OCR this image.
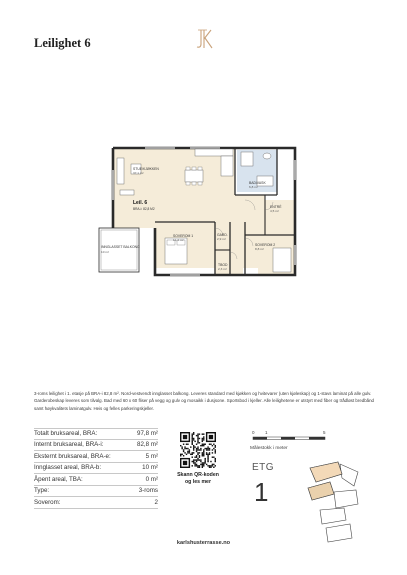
Leilighet 6
STUE/KJØKKEN
37,1 m²
BAD/VASK
6,8 m²
ENTRÉ
4,5 m²
Leil. 6
BRA-i: 82,8 M2
SOVEROM 1
14,4 m²
GARD.
2,9 m²
SOVEROM 2
8,8 m²
TBOD
2,3 m²
INNGLASSET BALKONG
10 m²
3-roms leilighet i 1. etasje på BRA-i 82,8 m². Nord-vestvendt innglasset balkong. Leveres standard med kjøkken og hvitevarer (uten kjøleskap) og 1-stavs laminat på alle gulv. Garderobeskap leveres som tilvalg. Bad med 60 x 60 fliser på vegg og gulv og mosaikk i dusjsone. Sportsbod i kjeller. Alle leilighetene er utstyrt med fiber og trådløst bredbånd samt høykvalitets laminatgulv. Heis og felles parkeringskjeller.
Totalt bruksareal, BRA:	97,8 m²
Internt bruksareal, BRA-i:	82,8 m²
Eksternt bruksareal, BRA-e:	5 m²
Innglasset areal, BRA-b:	10 m²
Åpent areal, TBA:	0 m²
Type:	3-roms
Soverom:	2
Skann QR-koden
og les mer
0 1	5
Målestokk i meter
ETG
1
karlshusterrasse.no
